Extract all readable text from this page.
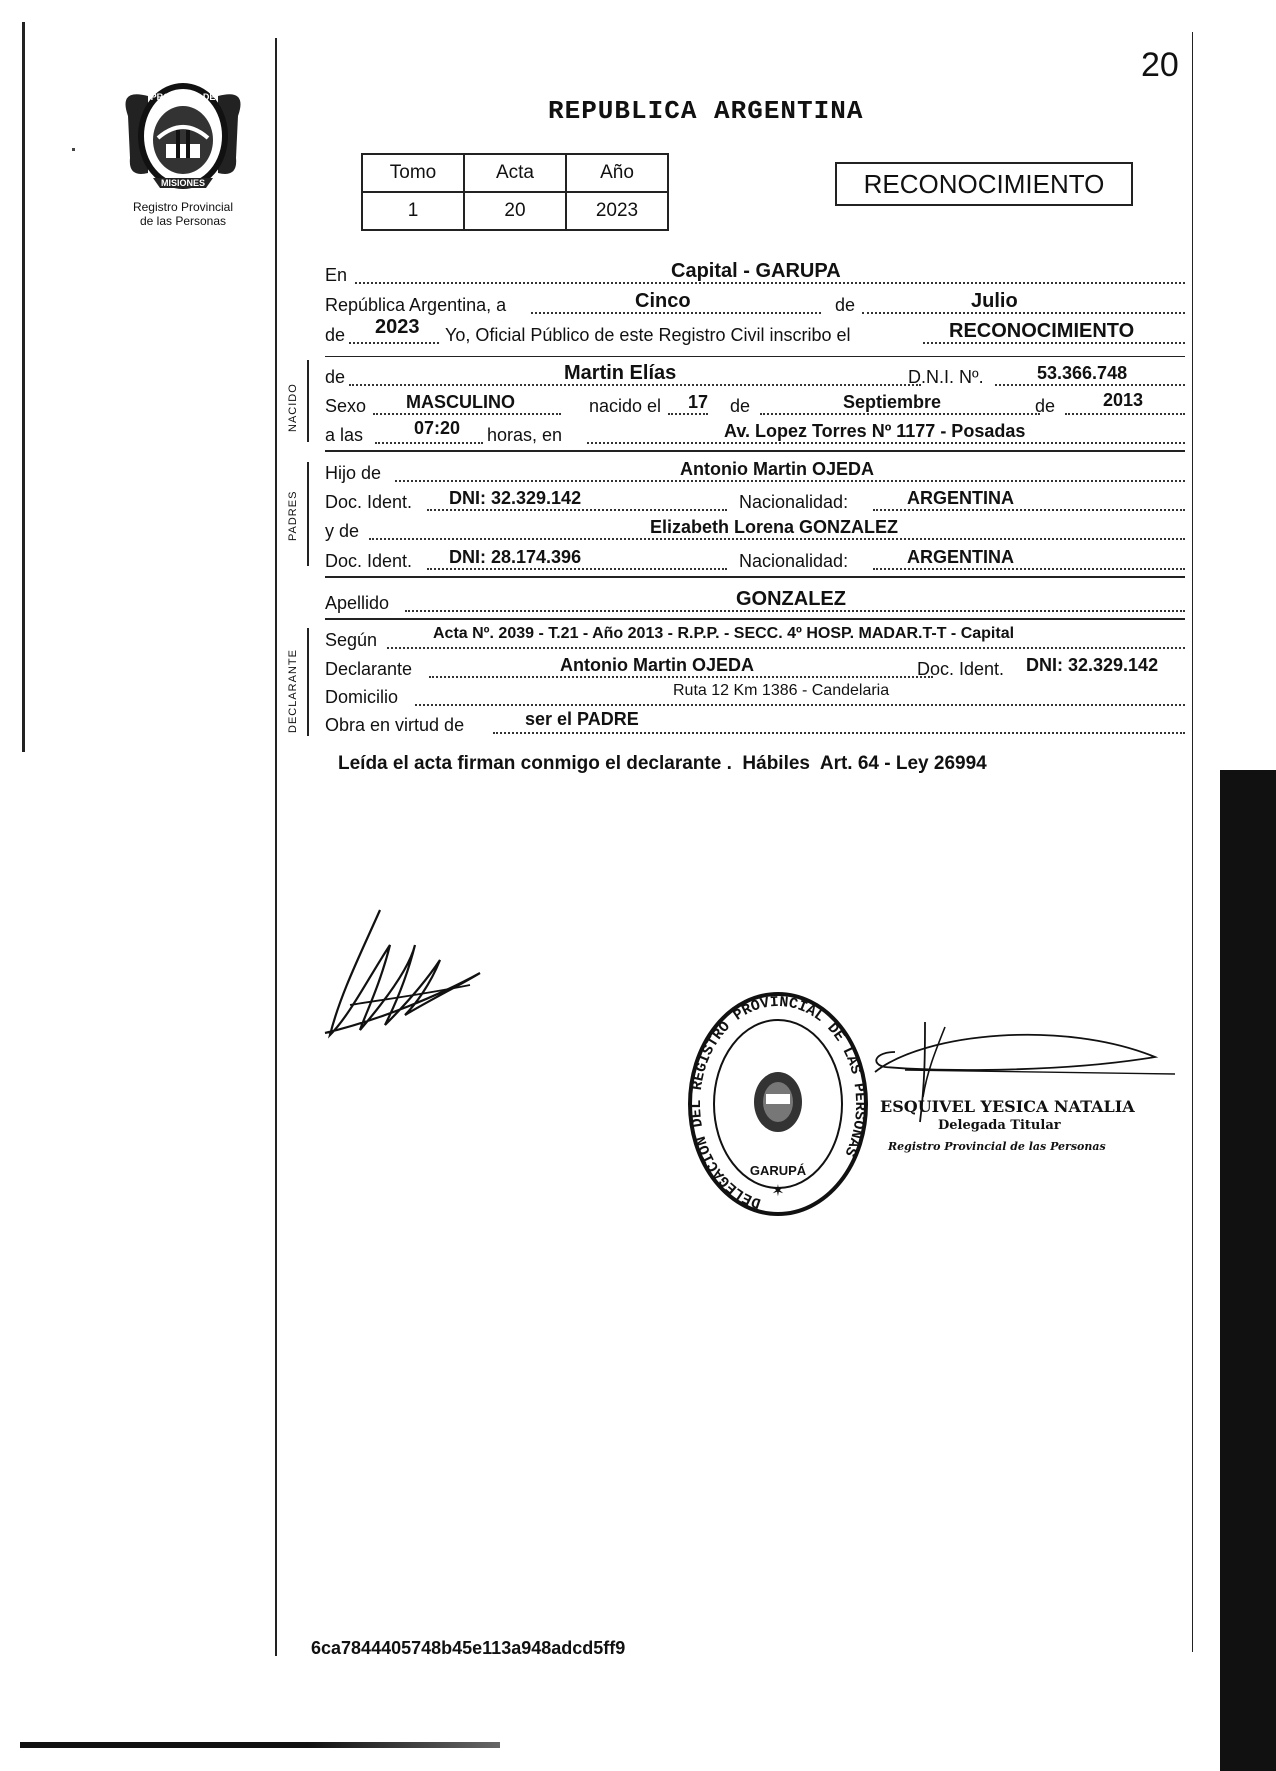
20
PROVINCIA DE
MISIONES
Registro Provincial
de las Personas
REPUBLICA ARGENTINA
Tomo	Acta	Año
1	20	2023
RECONOCIMIENTO
En	Capital - GARUPA
República Argentina, a	Cinco	de	Julio
de 2023 Yo, Oficial Público de este Registro Civil inscribo el	RECONOCIMIENTO
NACIDO
de	Martin Elías	D.N.I. Nº.	53.366.748
Sexo MASCULINO	nacido el 17 de	Septiembre	de	2013
a las	07:20 horas, en	Av. Lopez Torres Nº 1177 - Posadas
PADRES
Hijo de	Antonio Martin OJEDA
Doc. Ident. DNI: 32.329.142	Nacionalidad:	ARGENTINA
y de	Elizabeth Lorena GONZALEZ
Doc. Ident. DNI: 28.174.396	Nacionalidad:	ARGENTINA
Apellido	GONZALEZ
DECLARANTE
Según	Acta Nº. 2039 - T.21 - Año 2013 - R.P.P. - SECC. 4º HOSP. MADAR.T-T - Capital
Declarante	Antonio Martin OJEDA	Doc. Ident. DNI: 32.329.142
Domicilio	Ruta 12 Km 1386 - Candelaria
Obra en virtud de	ser el PADRE
Leída el acta firman conmigo el declarante .  Hábiles  Art. 64 - Ley 26994
DELEGACION DEL REGISTRO PROVINCIAL DE LAS PERSONAS
GARUPÁ
✶
ESQUIVEL YESICA NATALIA
Delegada Titular
Registro Provincial de las Personas
6ca7844405748b45e113a948adcd5ff9
